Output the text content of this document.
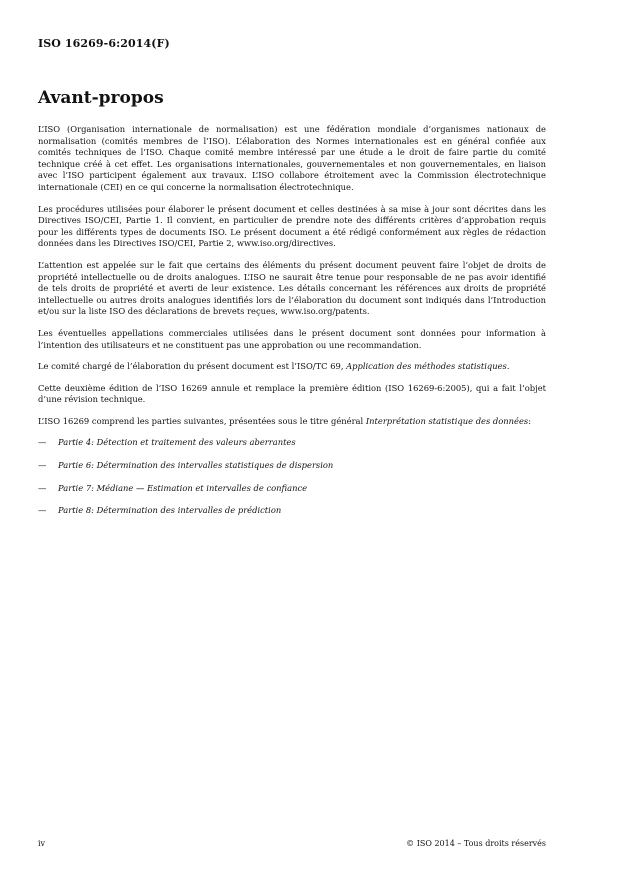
ISO 16269-6:2014(F)
Avant-propos

L’ISO (Organisation internationale de normalisation) est une fédération mondiale d’organismes nationaux de normalisation (comités membres de l’ISO). L’élaboration des Normes internationales est en général confiée aux comités techniques de l’ISO. Chaque comité membre intéressé par une étude a le droit de faire partie du comité technique créé à cet effet. Les organisations internationales, gouvernementales et non gouvernementales, en liaison avec l’ISO participent également aux travaux. L’ISO collabore étroitement avec la Commission électrotechnique internationale (CEI) en ce qui concerne la normalisation électrotechnique.

Les procédures utilisées pour élaborer le présent document et celles destinées à sa mise à jour sont décrites dans les Directives ISO/CEI, Partie 1. Il convient, en particulier de prendre note des différents critères d’approbation requis pour les différents types de documents ISO. Le présent document a été rédigé conformément aux règles de rédaction données dans les Directives ISO/CEI, Partie 2, www.iso.org/directives.

L’attention est appelée sur le fait que certains des éléments du présent document peuvent faire l’objet de droits de propriété intellectuelle ou de droits analogues. L’ISO ne saurait être tenue pour responsable de ne pas avoir identifié de tels droits de propriété et averti de leur existence. Les détails concernant les références aux droits de propriété intellectuelle ou autres droits analogues identifiés lors de l’élaboration du document sont indiqués dans l’Introduction et/ou sur la liste ISO des déclarations de brevets reçues, www.iso.org/patents.

Les éventuelles appellations commerciales utilisées dans le présent document sont données pour information à l’intention des utilisateurs et ne constituent pas une approbation ou une recommandation.

Le comité chargé de l’élaboration du présent document est l’ISO/TC 69, Application des méthodes statistiques.

Cette deuxième édition de l’ISO 16269 annule et remplace la première édition (ISO 16269-6:2005), qui a fait l’objet d’une révision technique.

L’ISO 16269 comprend les parties suivantes, présentées sous le titre général Interprétation statistique des données:

— Partie 4: Détection et traitement des valeurs aberrantes

— Partie 6: Détermination des intervalles statistiques de dispersion

— Partie 7: Médiane — Estimation et intervalles de confiance

— Partie 8: Détermination des intervalles de prédiction

iv	© ISO 2014 – Tous droits réservés
